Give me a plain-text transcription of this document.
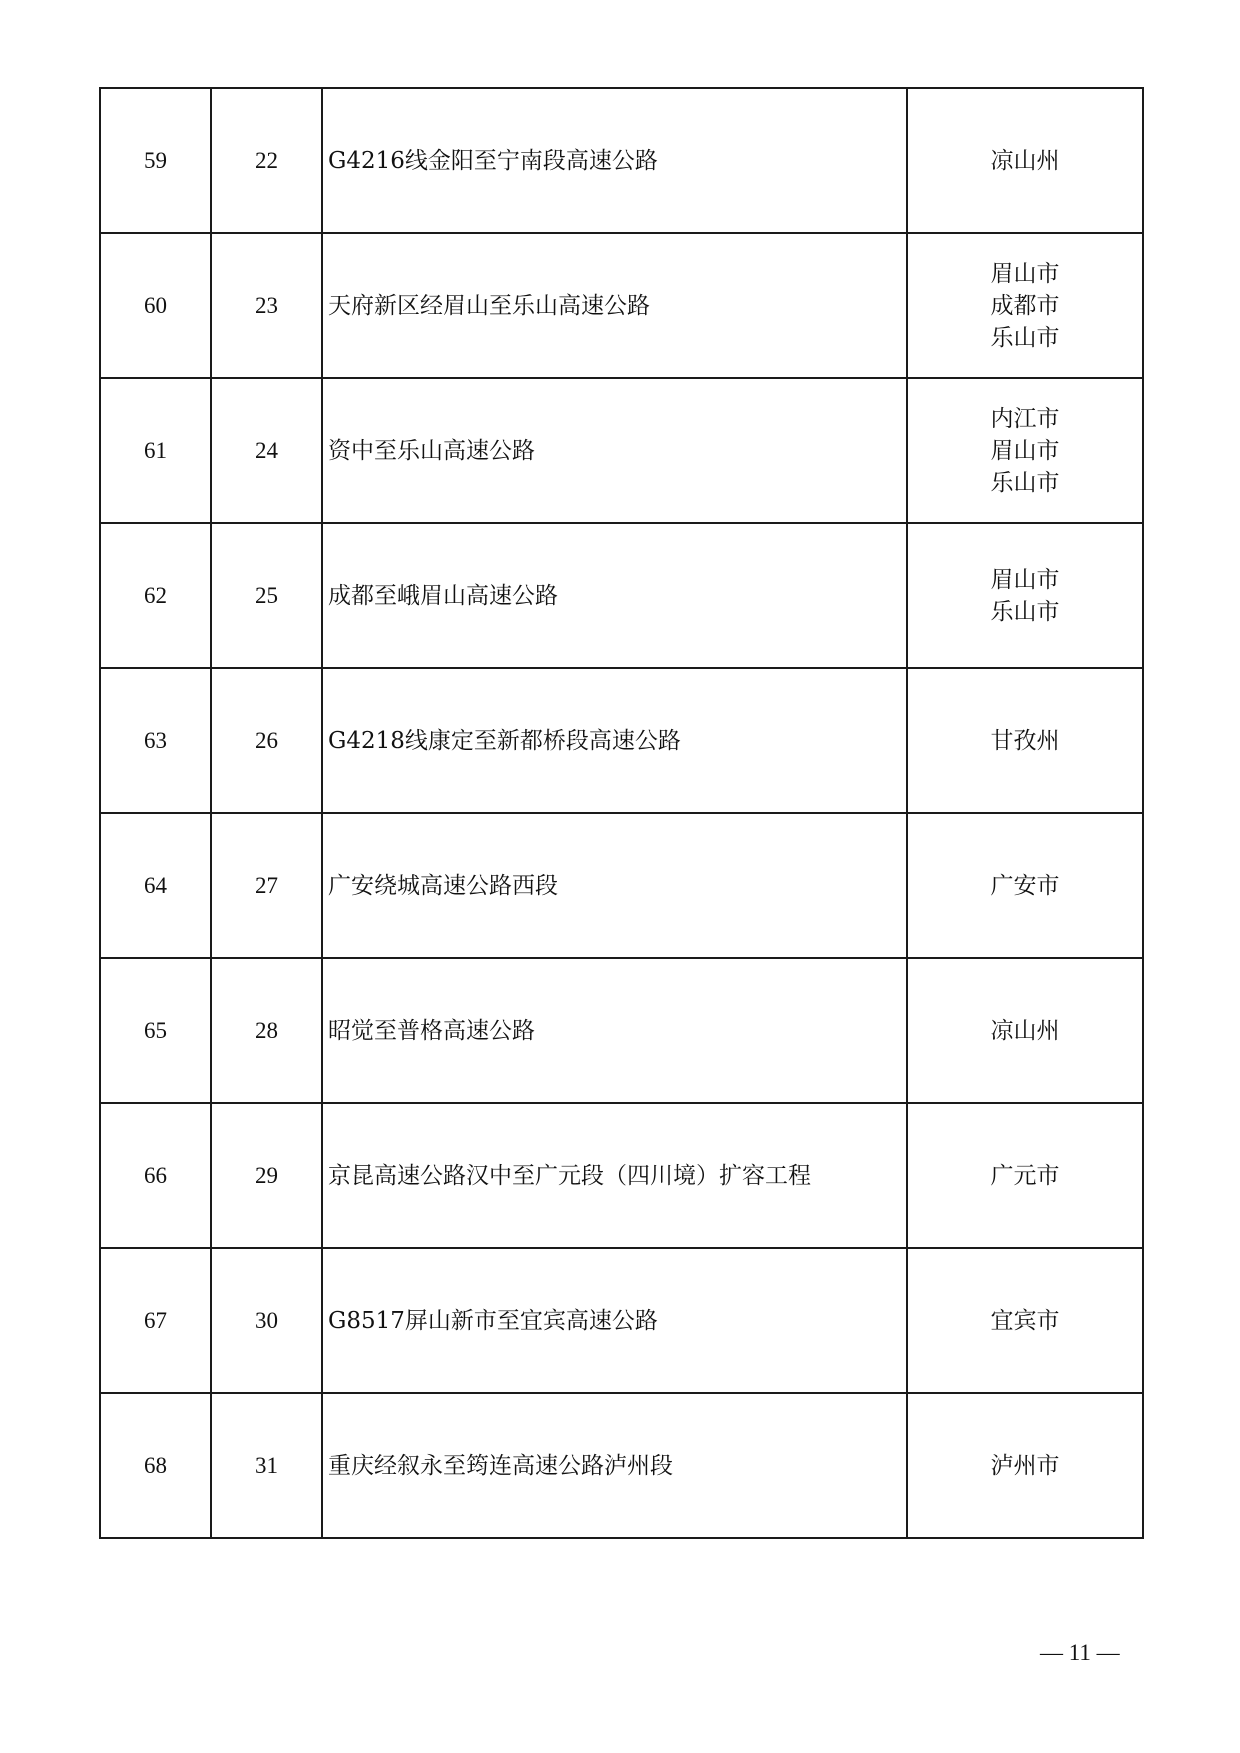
59	22	G4216线金阳至宁南段高速公路	凉山州

60	23	天府新区经眉山至乐山高速公路	眉山市
成都市
乐山市

61	24	资中至乐山高速公路	内江市
眉山市
乐山市

62	25	成都至峨眉山高速公路	眉山市
乐山市

63	26	G4218线康定至新都桥段高速公路	甘孜州

64	27	广安绕城高速公路西段	广安市

65	28	昭觉至普格高速公路	凉山州

66	29	京昆高速公路汉中至广元段（四川境）扩容工程	广元市

67	30	G8517屏山新市至宜宾高速公路	宜宾市

68	31	重庆经叙永至筠连高速公路泸州段	泸州市
— 11 —
